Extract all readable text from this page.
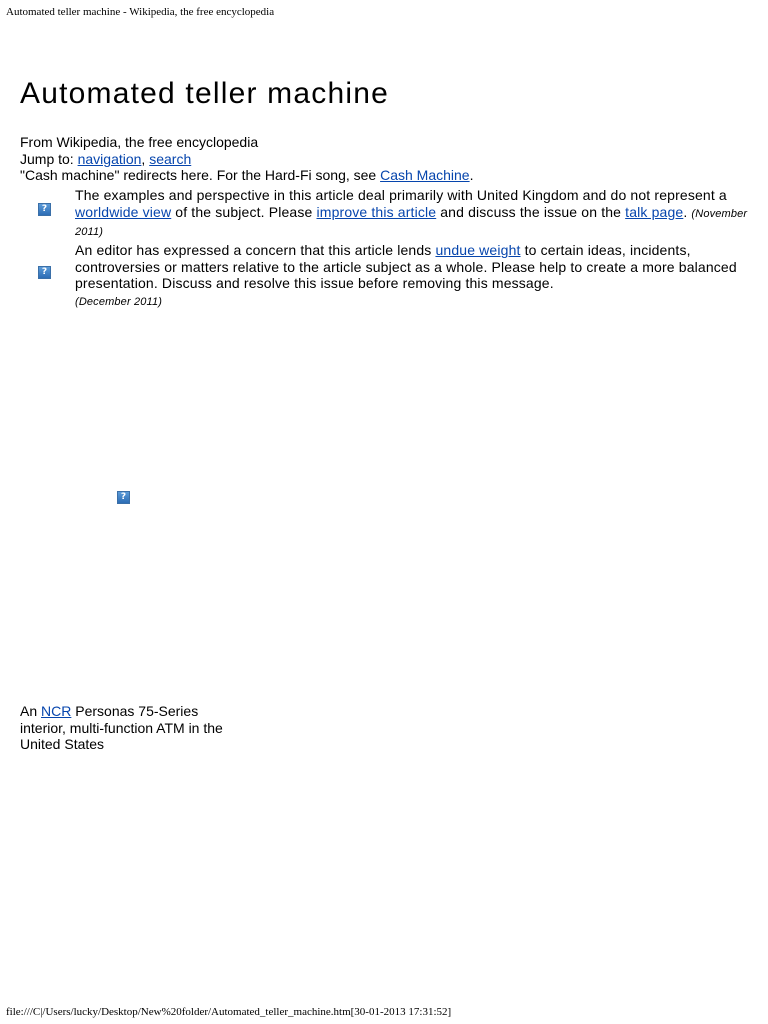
Automated teller machine - Wikipedia, the free encyclopedia
Automated teller machine
From Wikipedia, the free encyclopedia
Jump to: navigation, search
"Cash machine" redirects here. For the Hard-Fi song, see Cash Machine.
?
The examples and perspective in this article deal primarily with United Kingdom and do not represent a worldwide view of the subject. Please improve this article and discuss the issue on the talk page. (November 2011)
?
An editor has expressed a concern that this article lends undue weight to certain ideas, incidents, controversies or matters relative to the article subject as a whole. Please help to create a more balanced presentation. Discuss and resolve this issue before removing this message.
(December 2011)
?
An NCR Personas 75-Series interior, multi-function ATM in the United States
file:///C|/Users/lucky/Desktop/New%20folder/Automated_teller_machine.htm[30-01-2013 17:31:52]
